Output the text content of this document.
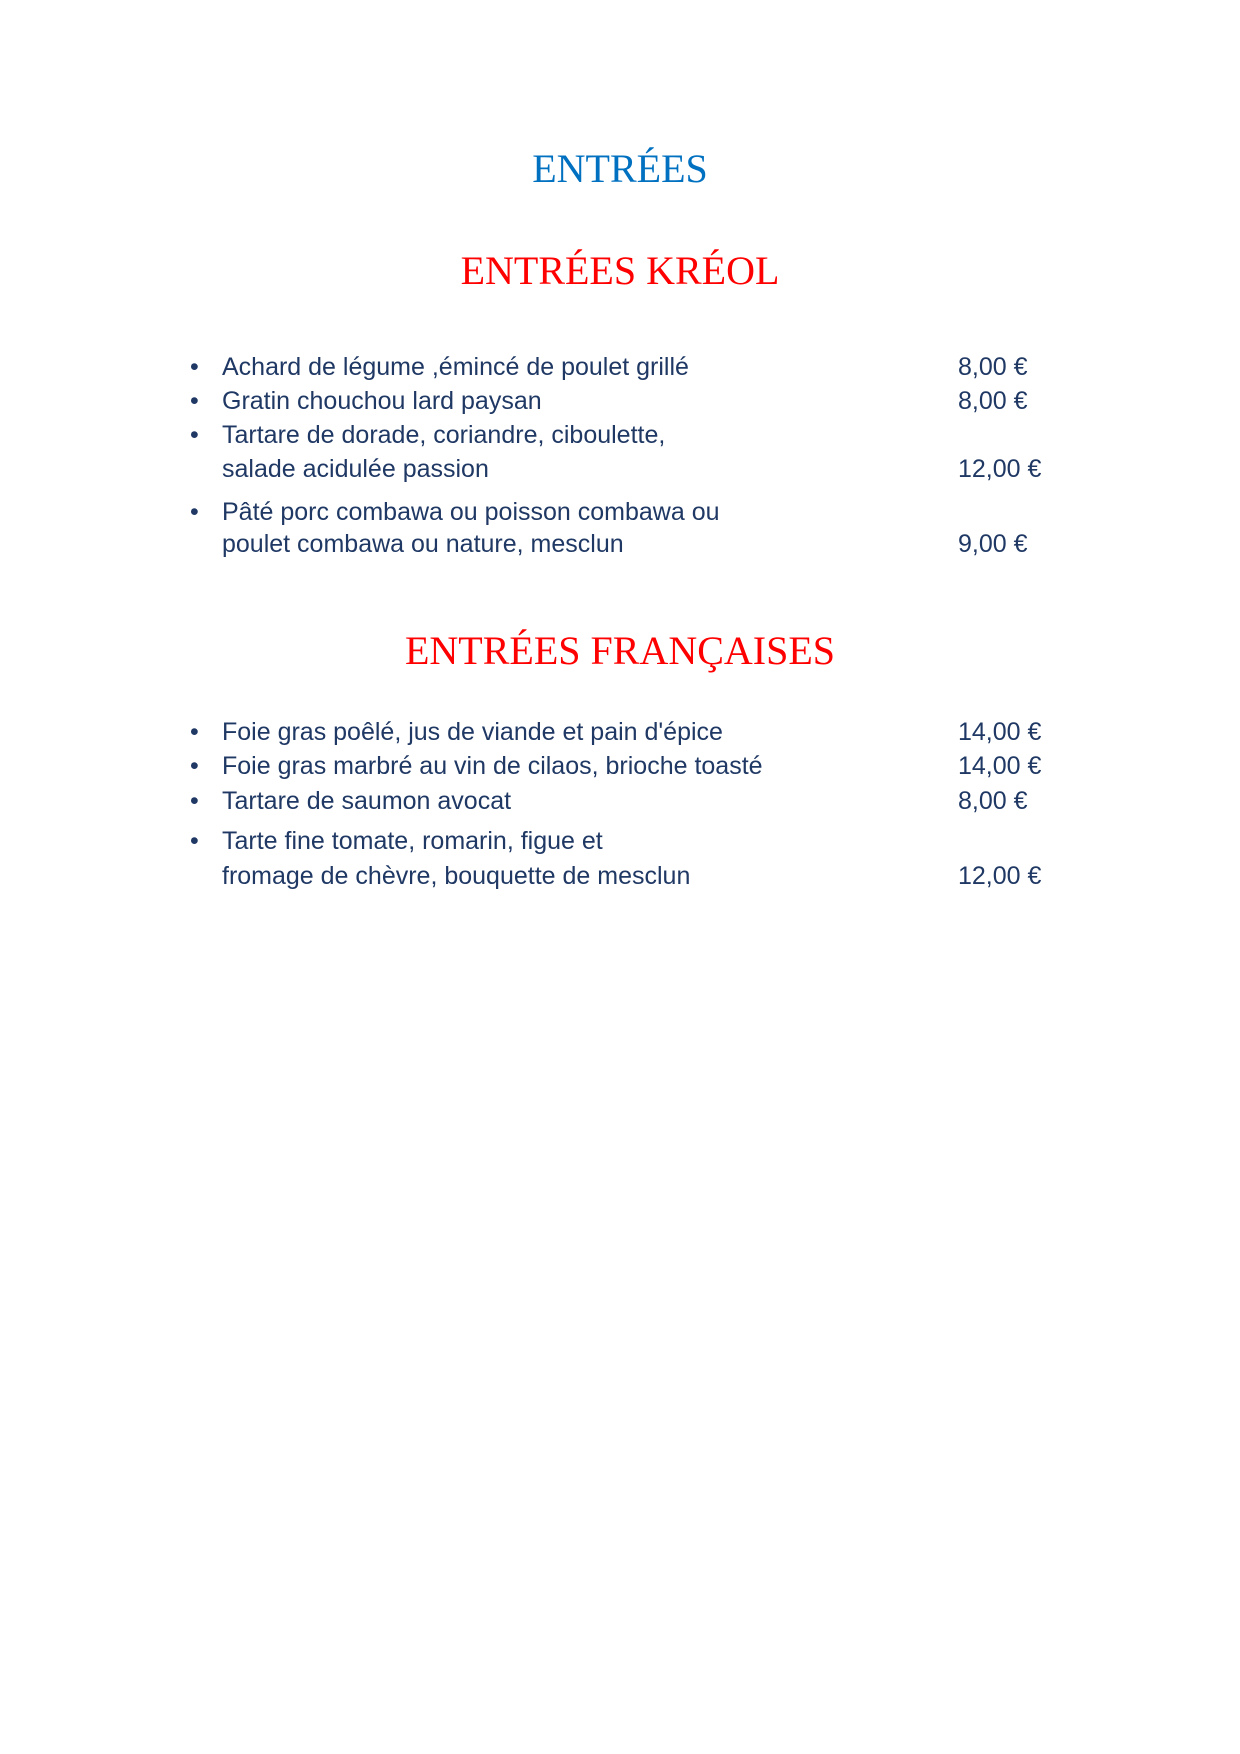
ENTRÉES
ENTRÉES KRÉOL
• Achard de légume ,émincé de poulet grillé	8,00 €
• Gratin chouchou lard paysan	8,00 €
• Tartare de dorade, coriandre, ciboulette,
salade acidulée passion	12,00 €
• Pâté porc combawa ou poisson combawa ou
poulet combawa ou nature, mesclun	9,00 €
ENTRÉES FRANÇAISES
• Foie gras poêlé, jus de viande et pain d'épice	14,00 €
• Foie gras marbré au vin de cilaos, brioche toasté	14,00 €
• Tartare de saumon avocat	8,00 €
• Tarte fine tomate, romarin, figue et
fromage de chèvre, bouquette de mesclun	12,00 €
